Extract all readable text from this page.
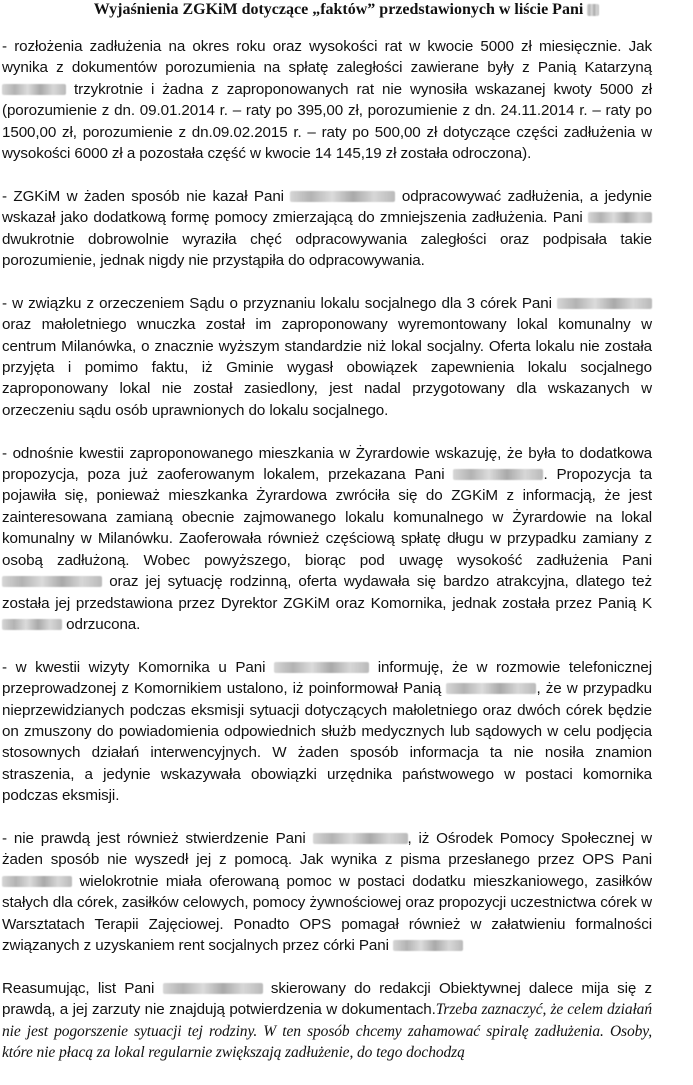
Wyjaśnienia ZGKiM dotyczące „faktów” przedstawionych w liście Pani

- rozłożenia zadłużenia na okres roku oraz wysokości rat w kwocie 5000 zł miesięcznie. Jak wynika z dokumentów porozumienia na spłatę zaległości zawierane były z Panią Katarzyną  trzykrotnie i żadna z zaproponowanych rat nie wynosiła wskazanej kwoty 5000 zł (porozumienie z dn. 09.01.2014 r. – raty po 395,00 zł, porozumienie z dn. 24.11.2014 r. – raty po 1500,00 zł, porozumienie z dn.09.02.2015 r. – raty po 500,00 zł dotyczące części zadłużenia w wysokości 6000 zł a pozostała część w kwocie 14 145,19 zł została odroczona).

- ZGKiM w żaden sposób nie kazał Pani	odpracowywać zadłużenia, a jedynie wskazał jako dodatkową formę pomocy zmierzającą do zmniejszenia zadłużenia. Pani  dwukrotnie dobrowolnie wyraziła chęć odpracowywania zaległości oraz podpisała takie porozumienie, jednak nigdy nie przystąpiła do odpracowywania.

- w związku z orzeczeniem Sądu o przyznaniu lokalu socjalnego dla 3 córek Pani  oraz małoletniego wnuczka został im zaproponowany wyremontowany lokal komunalny w centrum Milanówka, o znacznie wyższym standardzie niż lokal socjalny. Oferta lokalu nie została przyjęta i pomimo faktu, iż Gminie wygasł obowiązek zapewnienia lokalu socjalnego zaproponowany lokal nie został zasiedlony, jest nadal przygotowany dla wskazanych w orzeczeniu sądu osób uprawnionych do lokalu socjalnego.

- odnośnie kwestii zaproponowanego mieszkania w Żyrardowie wskazuję, że była to dodatkowa propozycja, poza już zaoferowanym lokalem, przekazana Pani	. Propozycja ta pojawiła się, ponieważ mieszkanka Żyrardowa zwróciła się do ZGKiM z informacją, że jest zainteresowana zamianą obecnie zajmowanego lokalu komunalnego w Żyrardowie na lokal komunalny w Milanówku. Zaoferowała również częściową spłatę długu w przypadku zamiany z osobą zadłużoną. Wobec powyższego, biorąc pod uwagę wysokość zadłużenia Pani  oraz jej sytuację rodzinną, oferta wydawała się bardzo atrakcyjna, dlatego też została jej przedstawiona przez Dyrektor ZGKiM oraz Komornika, jednak została przez Panią K odrzucona.

- w kwestii wizyty Komornika u Pani	informuję, że w rozmowie telefonicznej przeprowadzonej z Komornikiem ustalono, iż poinformował Panią	, że w przypadku nieprzewidzianych podczas eksmisji sytuacji dotyczących małoletniego oraz dwóch córek będzie on zmuszony do powiadomienia odpowiednich służb medycznych lub sądowych w celu podjęcia stosownych działań interwencyjnych. W żaden sposób informacja ta nie nosiła znamion straszenia, a jedynie wskazywała obowiązki urzędnika państwowego w postaci komornika podczas eksmisji.

- nie prawdą jest również stwierdzenie Pani	, iż Ośrodek Pomocy Społecznej w żaden sposób nie wyszedł jej z pomocą. Jak wynika z pisma przesłanego przez OPS Pani  wielokrotnie miała oferowaną pomoc w postaci dodatku mieszkaniowego, zasiłków stałych dla córek, zasiłków celowych, pomocy żywnościowej oraz propozycji uczestnictwa córek w Warsztatach Terapii Zajęciowej. Ponadto OPS pomagał również w załatwieniu formalności związanych z uzyskaniem rent socjalnych przez córki Pani

Reasumując, list Pani	skierowany do redakcji Obiektywnej dalece mija się z prawdą, a jej zarzuty nie znajdują potwierdzenia w dokumentach.Trzeba zaznaczyć, że celem działań nie jest pogorszenie sytuacji tej rodziny. W ten sposób chcemy zahamować spiralę zadłużenia. Osoby, które nie płacą za lokal regularnie zwiększają zadłużenie, do tego dochodzą
